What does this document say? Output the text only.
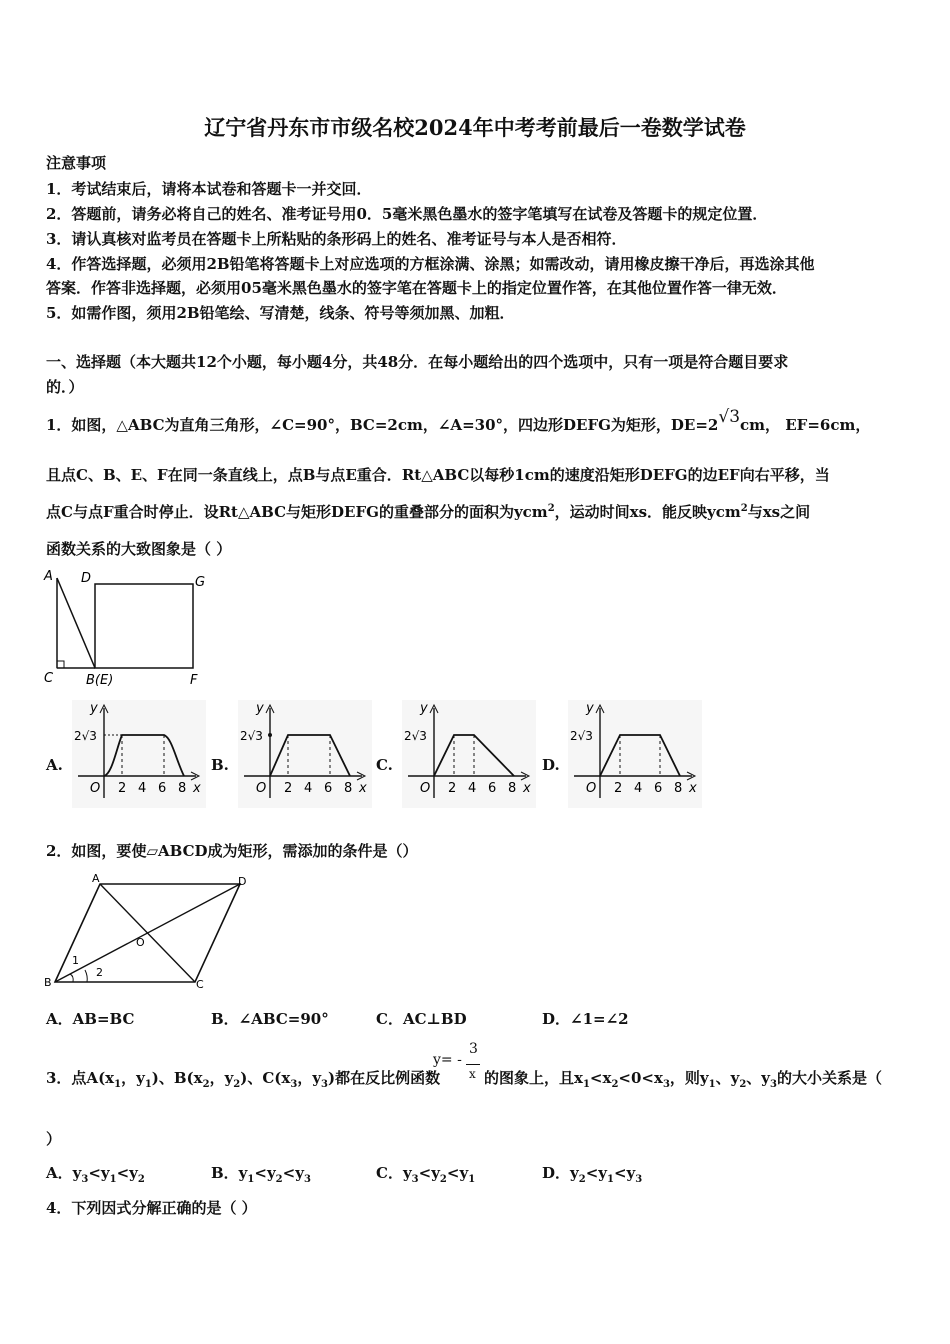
辽宁省丹东市市级名校2024年中考考前最后一卷数学试卷
注意事项
1．考试结束后，请将本试卷和答题卡一并交回．
2．答题前，请务必将自己的姓名、准考证号用0．5毫米黑色墨水的签字笔填写在试卷及答题卡的规定位置．
3．请认真核对监考员在答题卡上所粘贴的条形码上的姓名、准考证号与本人是否相符．
4．作答选择题，必须用2B铅笔将答题卡上对应选项的方框涂满、涂黑；如需改动，请用橡皮擦干净后，再选涂其他
答案．作答非选择题，必须用05毫米黑色墨水的签字笔在答题卡上的指定位置作答，在其他位置作答一律无效．
5．如需作图，须用2B铅笔绘、写清楚，线条、符号等须加黑、加粗．
一、选择题（本大题共12个小题，每小题4分，共48分．在每小题给出的四个选项中，只有一项是符合题目要求
的．）
1．如图，△ABC为直角三角形，∠C=90°，BC=2cm，∠A=30°，四边形DEFG为矩形，DE=2√3cm， EF=6cm，
且点C、B、E、F在同一条直线上，点B与点E重合．Rt△ABC以每秒1cm的速度沿矩形DEFG的边EF向右平移，当
点C与点F重合时停止．设Rt△ABC与矩形DEFG的重叠部分的面积为ycm$^2$，运动时间xs．能反映ycm$^2$与xs之间
函数关系的大致图象是（ ）
A D	G
C	B(E)	F
A.	B.	C.	D.
y
2√3
O 2 4 6 8 x
y
2√3
O 2 4 6 8 x
y
2√3
O 2 4 6 8 x
y
2√3
O 2 4 6 8 x
2．如图，要使▱ABCD成为矩形，需添加的条件是（）
A	D
B	C
O
1
2
A．AB=BC	B．∠ABC=90°	C．AC⊥BD	D．∠1=∠2
3．点$A(x_1$，$y_1$)、$B(x_2$，$y_2$)、$C(x_3$，$y_3$)都在反比例函数
y= -
3
x 的图象上，且$x_1<x_2<0<x_3$，则$y_1$、$y_2$、$y_3$的大小关系是（
）
A．$y_3<y_1<y_2$	B．$y_1<y_2<y_3$	C．$y_3<y_2<y_1$	D．$y_2<y_1<y_3$
4．下列因式分解正确的是（ ）
